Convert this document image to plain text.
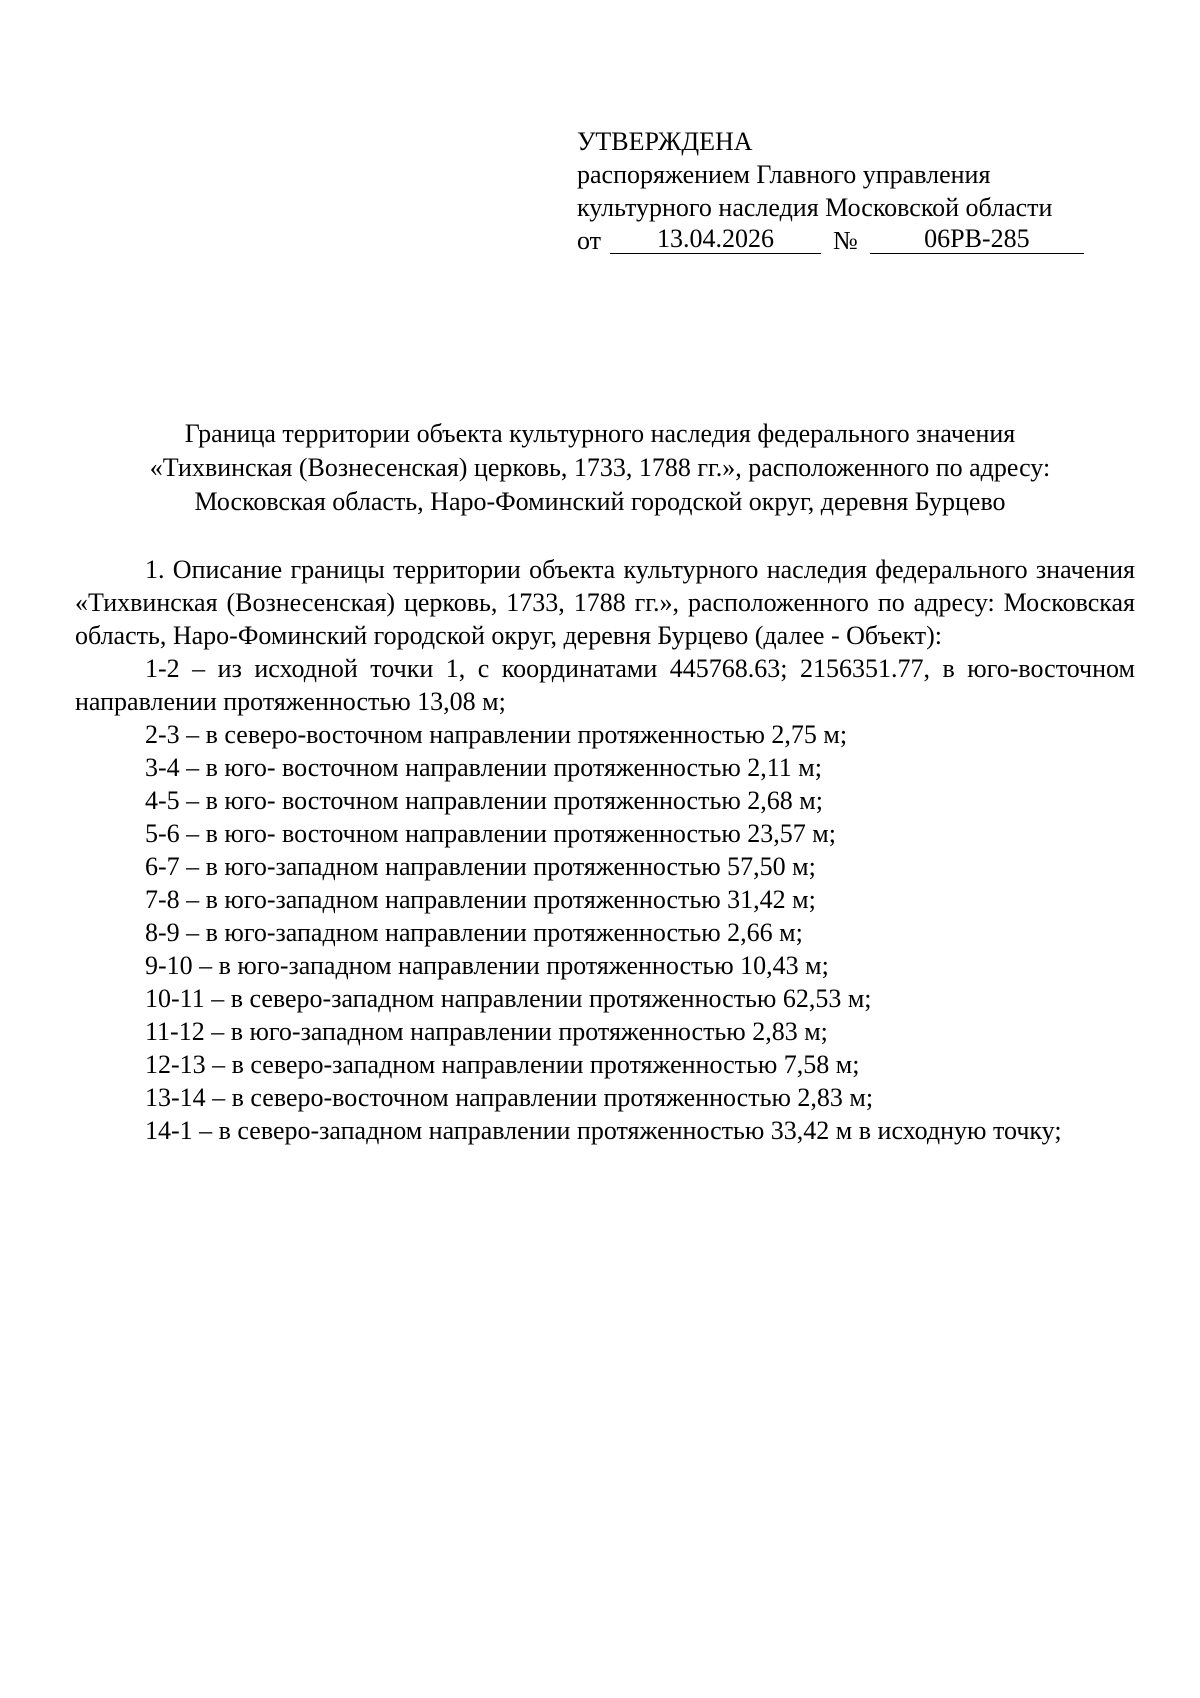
УТВЕРЖДЕНА
распоряжением Главного управления
культурного наследия Московской области
от	13.04.2026	№	06РВ-285
Граница территории объекта культурного наследия федерального значения
«Тихвинская (Вознесенская) церковь, 1733, 1788 гг.», расположенного по адресу:
Московская область, Наро-Фоминский городской округ, деревня Бурцево

1. Описание границы территории объекта культурного наследия федерального значения «Тихвинская (Вознесенская) церковь, 1733, 1788 гг.», расположенного по адресу: Московская область, Наро-Фоминский городской округ, деревня Бурцево (далее - Объект):

1-2 – из исходной точки 1, с координатами 445768.63; 2156351.77, в юго-восточном направлении протяженностью 13,08 м;

2-3 – в северо-восточном направлении протяженностью 2,75 м;

3-4 – в юго- восточном направлении протяженностью 2,11 м;

4-5 – в юго- восточном направлении протяженностью 2,68 м;

5-6 – в юго- восточном направлении протяженностью 23,57 м;

6-7 – в юго-западном направлении протяженностью 57,50 м;

7-8 – в юго-западном направлении протяженностью 31,42 м;

8-9 – в юго-западном направлении протяженностью 2,66 м;

9-10 – в юго-западном направлении протяженностью 10,43 м;

10-11 – в северо-западном направлении протяженностью 62,53 м;

11-12 – в юго-западном направлении протяженностью 2,83 м;

12-13 – в северо-западном направлении протяженностью 7,58 м;

13-14 – в северо-восточном направлении протяженностью 2,83 м;

14-1 – в северо-западном направлении протяженностью 33,42 м в исходную точку;
